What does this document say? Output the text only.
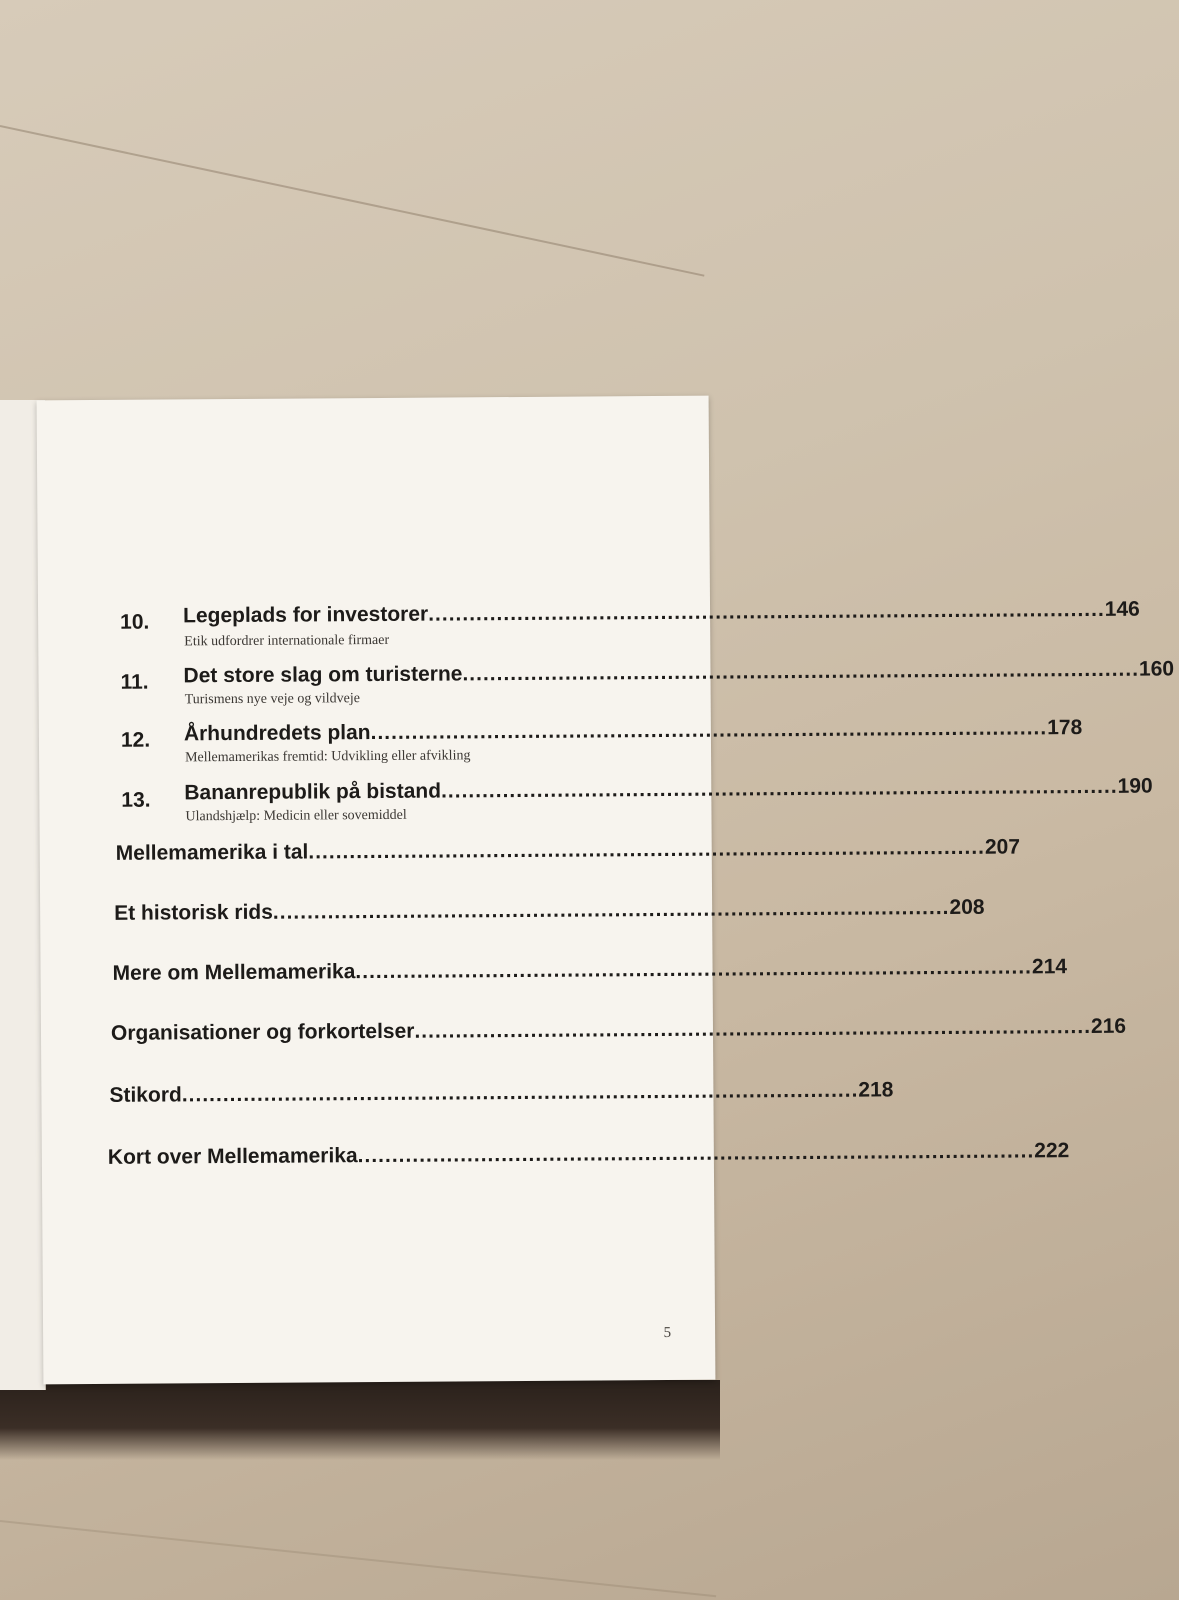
10. Legeplads for investorer ................................................................................................... 146
Etik udfordrer internationale firmaer
11. Det store slag om turisterne ................................................................................................... 160
Turismens nye veje og vildveje
12. Århundredets plan ................................................................................................... 178
Mellemamerikas fremtid: Udvikling eller afvikling
13. Bananrepublik på bistand ................................................................................................... 190
Ulandshjælp: Medicin eller sovemiddel
Mellemamerika i tal ................................................................................................... 207
Et historisk rids ................................................................................................... 208
Mere om Mellemamerika ................................................................................................... 214
Organisationer og forkortelser ................................................................................................... 216
Stikord ................................................................................................... 218
Kort over Mellemamerika ................................................................................................... 222
5
